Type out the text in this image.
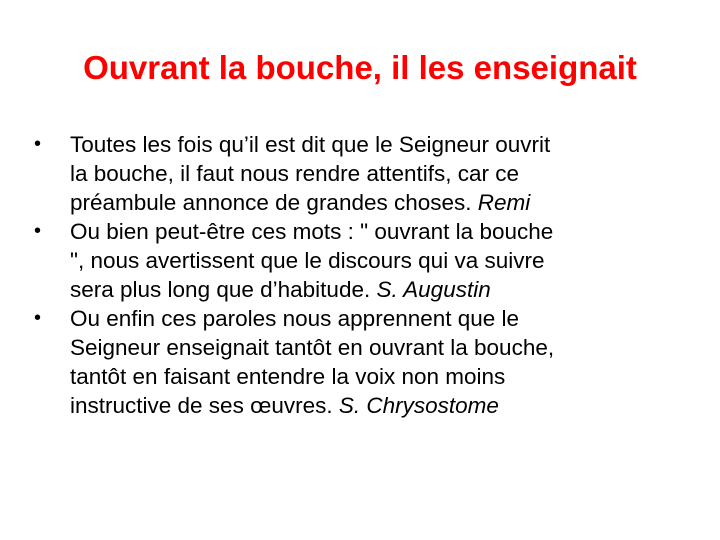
Ouvrant la bouche, il les enseignait
•	Toutes les fois qu’il est dit que le Seigneur ouvrit
la bouche, il faut nous rendre attentifs, car ce
préambule annonce de grandes choses. Remi
•	Ou bien peut-être ces mots : " ouvrant la bouche
", nous avertissent que le discours qui va suivre
sera plus long que d’habitude. S. Augustin
•	Ou enfin ces paroles nous apprennent que le
Seigneur enseignait tantôt en ouvrant la bouche,
tantôt en faisant entendre la voix non moins
instructive de ses œuvres. S. Chrysostome
